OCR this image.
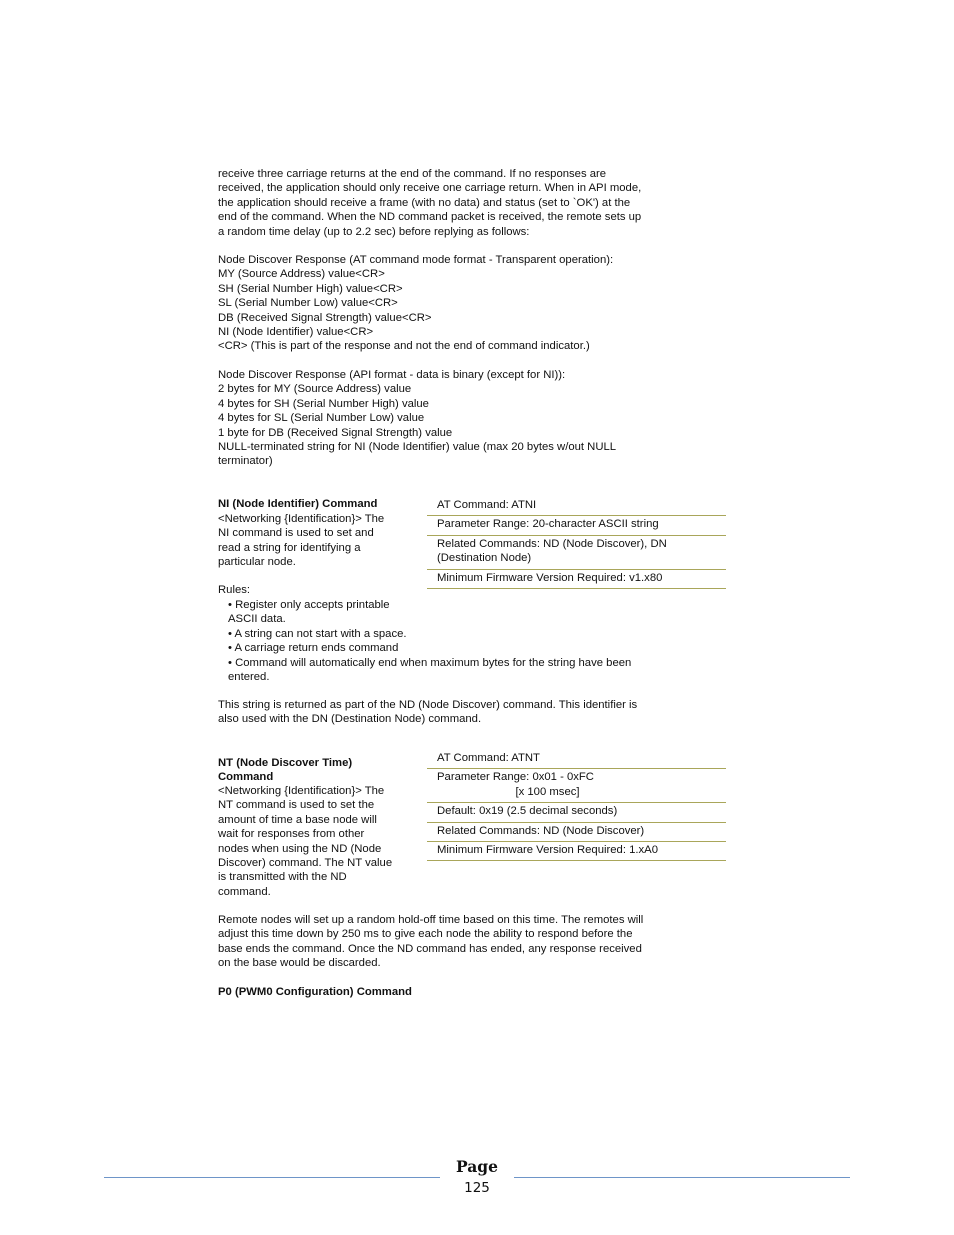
receive three carriage returns at the end of the command. If no responses are
received, the application should only receive one carriage return. When in API mode,
the application should receive a frame (with no data) and status (set to `OK') at the
end of the command. When the ND command packet is received, the remote sets up
a random time delay (up to 2.2 sec) before replying as follows:
Node Discover Response (AT command mode format - Transparent operation):
MY (Source Address) value<CR>
SH (Serial Number High) value<CR>
SL (Serial Number Low) value<CR>
DB (Received Signal Strength) value<CR>
NI (Node Identifier) value<CR>
<CR> (This is part of the response and not the end of command indicator.)
Node Discover Response (API format - data is binary (except for NI)):
2 bytes for MY (Source Address) value
4 bytes for SH (Serial Number High) value
4 bytes for SL (Serial Number Low) value
1 byte for DB (Received Signal Strength) value
NULL-terminated string for NI (Node Identifier) value (max 20 bytes w/out NULL
terminator)
NI (Node Identifier) Command
<Networking {Identification}> The
NI command is used to set and
read a string for identifying a
particular node.
Rules:
• Register only accepts printable
ASCII data.
• A string can not start with a space.
• A carriage return ends command
• Command will automatically end when maximum bytes for the string have been
entered.
AT Command: ATNI
Parameter Range: 20-character ASCII string
Related Commands: ND (Node Discover), DN
(Destination Node)
Minimum Firmware Version Required: v1.x80
This string is returned as part of the ND (Node Discover) command. This identifier is
also used with the DN (Destination Node) command.
NT (Node Discover Time)
Command
<Networking {Identification}> The
NT command is used to set the
amount of time a base node will
wait for responses from other
nodes when using the ND (Node
Discover) command. The NT value
is transmitted with the ND
command.
AT Command: ATNT
Parameter Range: 0x01 - 0xFC
[x 100 msec]
Default: 0x19 (2.5 decimal seconds)
Related Commands: ND (Node Discover)
Minimum Firmware Version Required: 1.xA0
Remote nodes will set up a random hold-off time based on this time. The remotes will
adjust this time down by 250 ms to give each node the ability to respond before the
base ends the command. Once the ND command has ended, any response received
on the base would be discarded.
P0 (PWM0 Configuration) Command
Page
125
